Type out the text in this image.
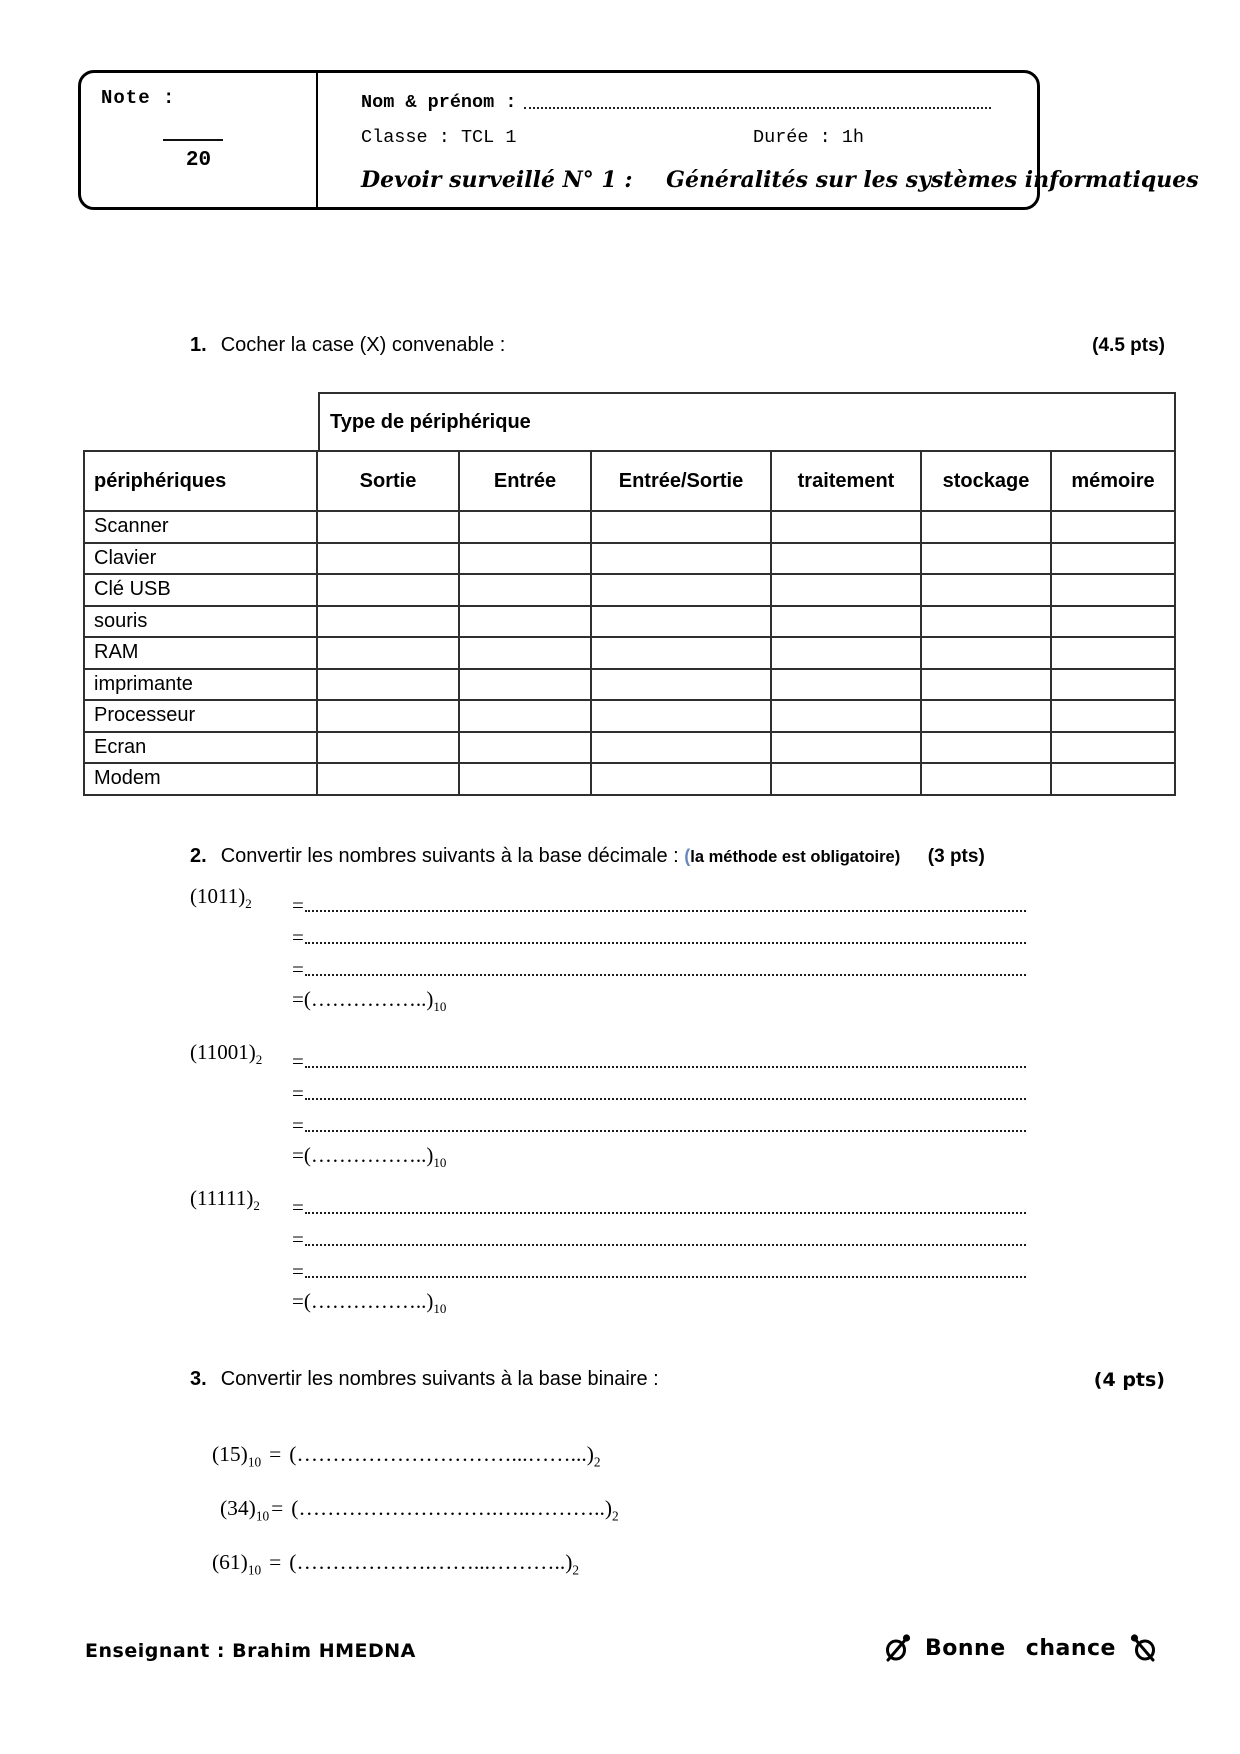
Note :
20
Nom & prénom :
Classe : TCL 1	Durée : 1h
Devoir surveillé N° 1 : Généralités sur les systèmes informatiques
1. Cocher la case (X) convenable :	(4.5 pts)
Type de périphérique
périphériques	Sortie	Entrée	Entrée/Sortie	traitement	stockage	mémoire
Scanner
Clavier
Clé USB
souris
RAM
imprimante
Processeur
Ecran
Modem
2. Convertir les nombres suivants à la base décimale : (la méthode est obligatoire) (3 pts)
$(1011)_2$ =
=
=
$=(\dots\dots\dots\dots\dots..)_{10}$
$(11001)_2$ =
=
=
$=(\dots\dots\dots\dots\dots..)_{10}$
$(11111)_2$ =
=
=
$=(\dots\dots\dots\dots\dots..)_{10}$
3. Convertir les nombres suivants à la base binaire :	(4 pts)
$(15)_{10}$ = $(\dots\dots\dots\dots\dots\dots\dots\dots\dots\dots...\dots\dots...)_2$
$(34)_{10}=$ $(\dots\dots\dots\dots\dots\dots\dots\dots\dots.\dots..\dots\dots\dots..)_2$
$(61)_{10}$ = $(\dots\dots\dots\dots\dots\dots.\dots\dots...\dots\dots\dots..)_2$
Enseignant : Brahim HMEDNA	Bonne chance
